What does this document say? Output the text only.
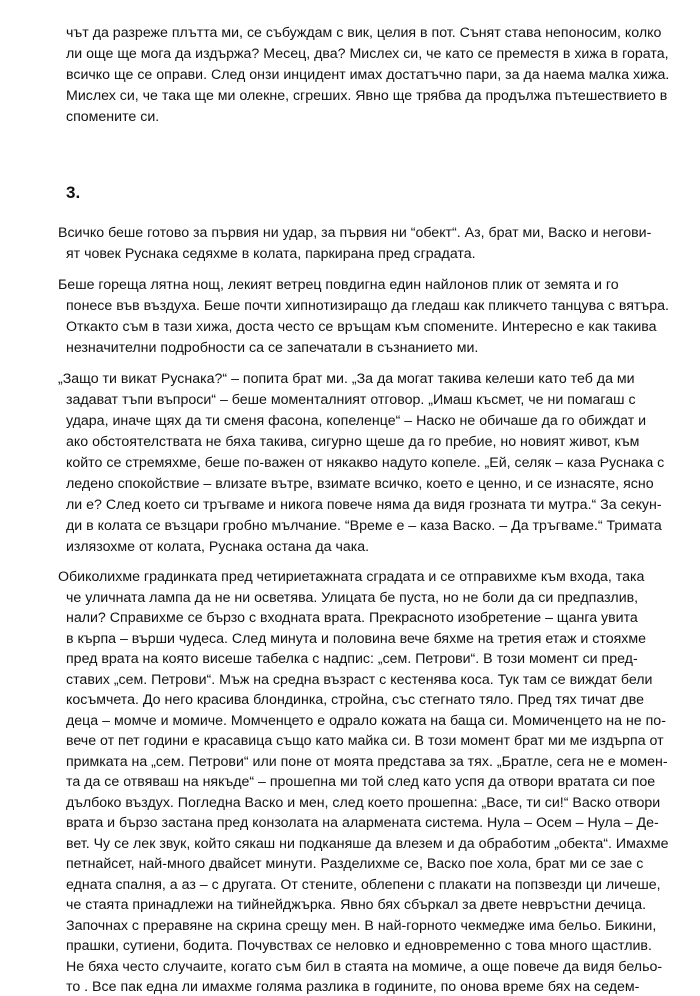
чът да разреже плътта ми, се събуждам с вик, целия в пот. Сънят става непоносим, колко
ли още ще мога да издържа? Месец, два? Мислех си, че като се преместя в хижа в гората,
всичко ще се оправи. След онзи инцидент имах достатъчно пари, за да наема малка хижа.
Мислех си, че така ще ми олекне, сгреших. Явно ще трябва да продължа пътешествието в
спомените си.
3.
Всичко беше готово за първия ни удар, за първия ни “обект“. Аз, брат ми, Васко и негови-
ят човек Руснака седяхме в колата, паркирана пред сградата.
Беше гореща лятна нощ, лекият ветрец повдигна един найлонов плик от земята и го
понесе във въздуха. Беше почти хипнотизиращо да гледаш как пликчето танцува с вятъра.
Откакто съм в тази хижа, доста често се връщам към спомените. Интересно е как такива
незначителни подробности са се запечатали в съзнанието ми.
„Защо ти викат Руснака?“ – попита брат ми. „За да могат такива келеши като теб да ми
задават тъпи въпроси“ – беше моменталният отговор. „Имаш късмет, че ни помагаш с
удара, иначе щях да ти сменя фасона, копеленце“ – Наско не обичаше да го обиждат и
ако обстоятелствата не бяха такива, сигурно щеше да го пребие, но новият живот, към
който се стремяхме, беше по-важен от някакво надуто копеле. „Ей, селяк – каза Руснака с
ледено спокойствие – влизате вътре, взимате всичко, което е ценно, и се изнасяте, ясно
ли е? След което си тръгваме и никога повече няма да видя грозната ти мутра.“ За секун-
ди в колата се възцари гробно мълчание. “Време е – каза Васко. – Да тръгваме.“ Тримата
излязохме от колата, Руснака остана да чака.
Обиколихме градинката пред четириетажната сградата и се отправихме към входа, така
че уличната лампа да не ни осветява. Улицата бе пуста, но не боли да си предпазлив,
нали? Справихме се бързо с входната врата. Прекрасното изобретение – щанга увита
в кърпа – върши чудеса. След минута и половина вече бяхме на третия етаж и стояхме
пред врата на която висеше табелка с надпис: „сем. Петрови“. В този момент си пред-
ставих „сем. Петрови“. Мъж на средна възраст с кестенява коса. Тук там се виждат бели
косъмчета. До него красива блондинка, стройна, със стегнато тяло. Пред тях тичат две
деца – момче и момиче. Момченцето е одрало кожата на баща си. Момиченцето на не по-
вече от пет години е красавица също като майка си. В този момент брат ми ме издърпа от
примката на „сем. Петрови“ или поне от моята представа за тях. „Братле, сега не е момен-
та да се отвяваш на някъде“ – прошепна ми той след като успя да отвори вратата си пое
дълбоко въздух. Погледна Васко и мен, след което прошепна: „Васе, ти си!“ Васко отвори
врата и бързо застана пред конзолата на алармената система. Нула – Осем – Нула – Де-
вет. Чу се лек звук, който сякаш ни подканяше да влезем и да обработим „обекта“. Имахме
петнайсет, най-много двайсет минути. Разделихме се, Васко пое хола, брат ми се зае с
едната спалня, а аз – с другата. От стените, облепени с плакати на попзвезди ци личеше,
че стаята принадлежи на тийнейджърка. Явно бях сбъркал за двете невръстни дечица.
Започнах с преравяне на скрина срещу мен. В най-горното чекмедже има бельо. Бикини,
прашки, сутиени, бодита. Почувствах се неловко и едновременно с това много щастлив.
Не бяха често случаите, когато съм бил в стаята на момиче, а още повече да видя бельо-
то . Все пак една ли имахме голяма разлика в годините, по онова време бях на седем-
